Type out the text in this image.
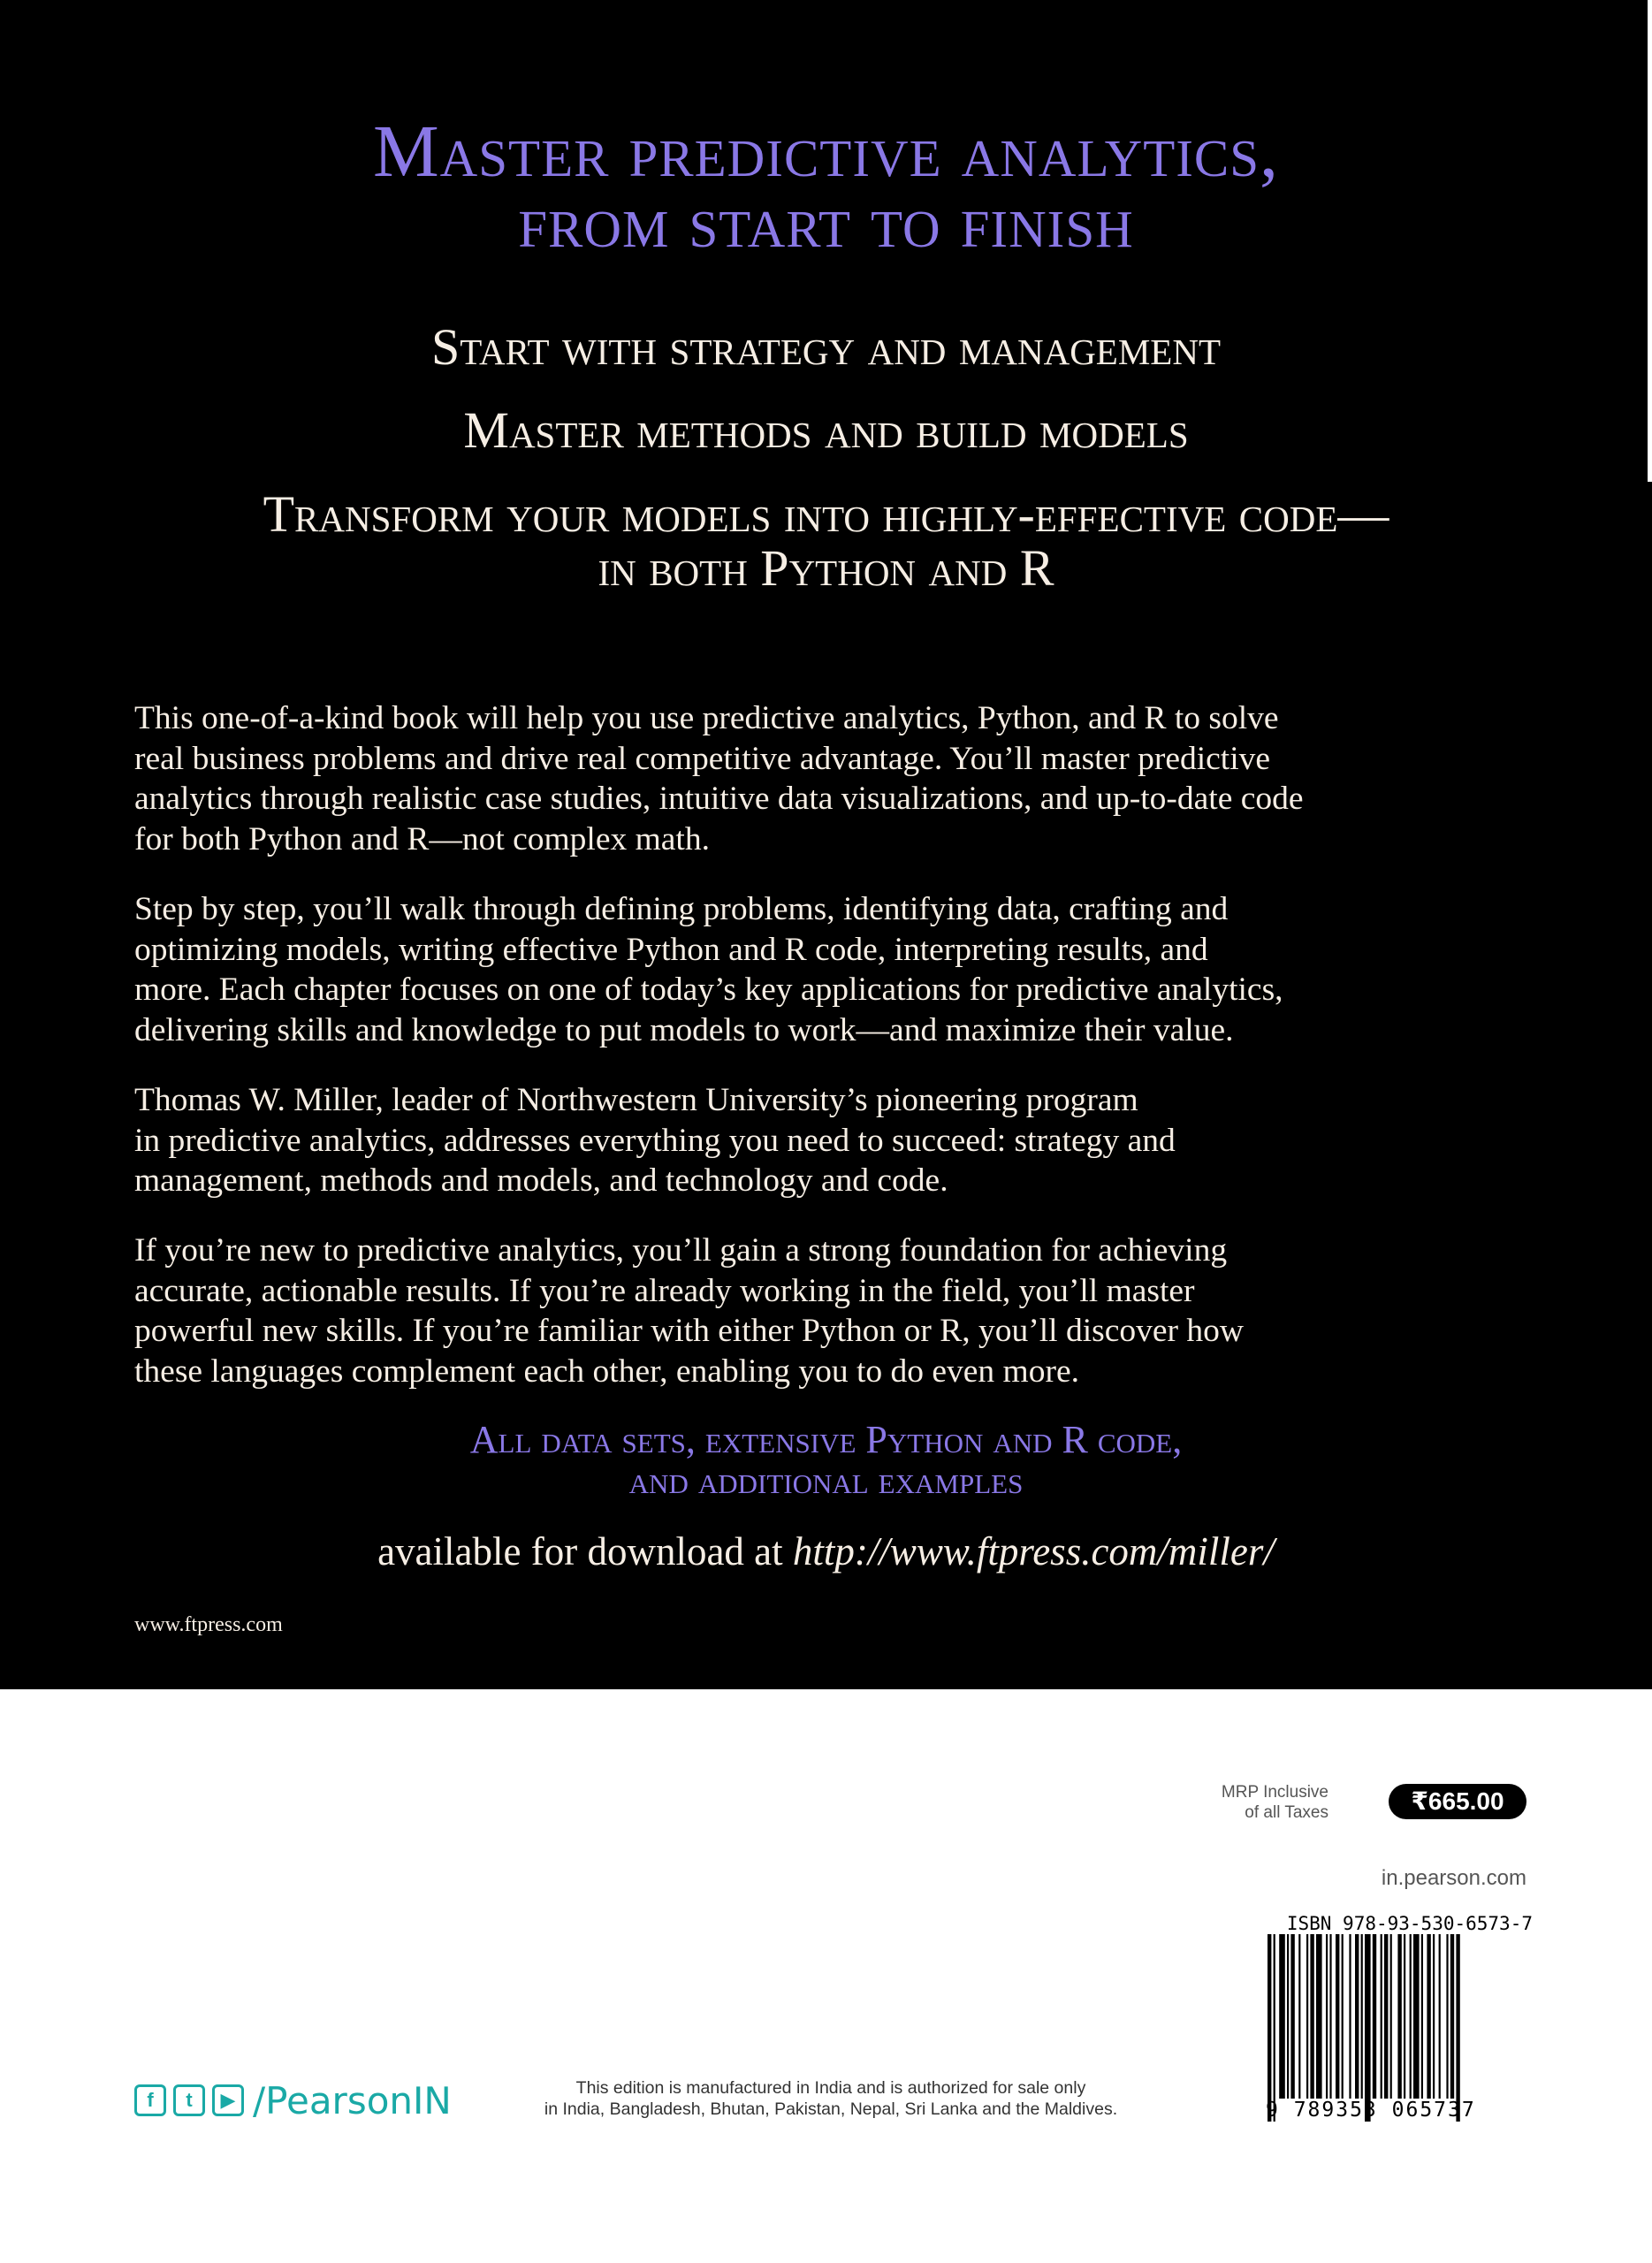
Master predictive analytics,
from start to finish
Start with strategy and management
Master methods and build models
Transform your models into highly-effective code—
in both Python and R
This one-of-a-kind book will help you use predictive analytics, Python, and R to solve
real business problems and drive real competitive advantage. You’ll master predictive
analytics through realistic case studies, intuitive data visualizations, and up-to-date code
for both Python and R—not complex math.
Step by step, you’ll walk through defining problems, identifying data, crafting and
optimizing models, writing effective Python and R code, interpreting results, and
more. Each chapter focuses on one of today’s key applications for predictive analytics,
delivering skills and knowledge to put models to work—and maximize their value.
Thomas W. Miller, leader of Northwestern University’s pioneering program
in predictive analytics, addresses everything you need to succeed: strategy and
management, methods and models, and technology and code.
If you’re new to predictive analytics, you’ll gain a strong foundation for achieving
accurate, actionable results. If you’re already working in the field, you’ll master
powerful new skills. If you’re familiar with either Python or R, you’ll discover how
these languages complement each other, enabling you to do even more.
All data sets, extensive Python and R code,
and additional examples
available for download at http://www.ftpress.com/miller/
www.ftpress.com
MRP Inclusive
of all Taxes	₹665.00
in.pearson.com
ISBN 978-93-530-6573-7
9 789353 065737
f	t	▶ /PearsonIN	This edition is manufactured in India and is authorized for sale only
in India, Bangladesh, Bhutan, Pakistan, Nepal, Sri Lanka and the Maldives.
